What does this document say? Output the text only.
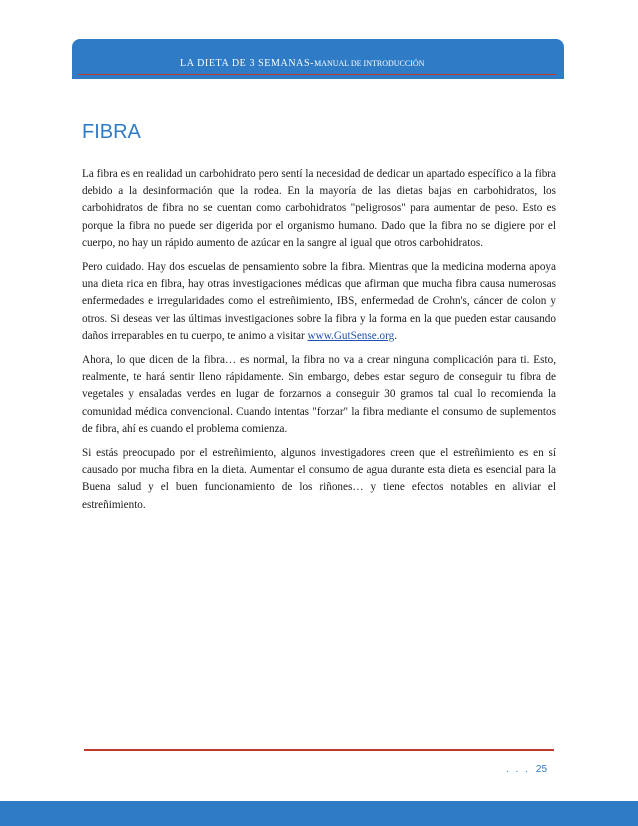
LA DIETA DE 3 SEMANAS-MANUAL DE INTRODUCCIÓN
FIBRA

La fibra es en realidad un carbohidrato pero sentí la necesidad de dedicar un apartado específico a la fibra debido a la desinformación que la rodea. En la mayoría de las dietas bajas en carbohidratos, los carbohidratos de fibra no se cuentan como carbohidratos "peligrosos" para aumentar de peso. Esto es porque la fibra no puede ser digerida por el organismo humano. Dado que la fibra no se digiere por el cuerpo, no hay un rápido aumento de azúcar en la sangre al igual que otros carbohidratos.

Pero cuidado. Hay dos escuelas de pensamiento sobre la fibra. Mientras que la medicina moderna apoya una dieta rica en fibra, hay otras investigaciones médicas que afirman que mucha fibra causa numerosas enfermedades e irregularidades como el estreñimiento, IBS, enfermedad de Crohn's, cáncer de colon y otros. Si deseas ver las últimas investigaciones sobre la fibra y la forma en la que pueden estar causando daños irreparables en tu cuerpo, te animo a visitar www.GutSense.org.

Ahora, lo que dicen de la fibra… es normal, la fibra no va a crear ninguna complicación para ti. Esto, realmente, te hará sentir lleno rápidamente. Sin embargo, debes estar seguro de conseguir tu fibra de vegetales y ensaladas verdes en lugar de forzarnos a conseguir 30 gramos tal cual lo recomienda la comunidad médica convencional. Cuando intentas "forzar" la fibra mediante el consumo de suplementos de fibra, ahí es cuando el problema comienza.

Si estás preocupado por el estreñimiento, algunos investigadores creen que el estreñimiento es en sí causado por mucha fibra en la dieta. Aumentar el consumo de agua durante esta dieta es esencial para la Buena salud y el buen funcionamiento de los riñones… y tiene efectos notables en aliviar el estreñimiento.

. . . 25
